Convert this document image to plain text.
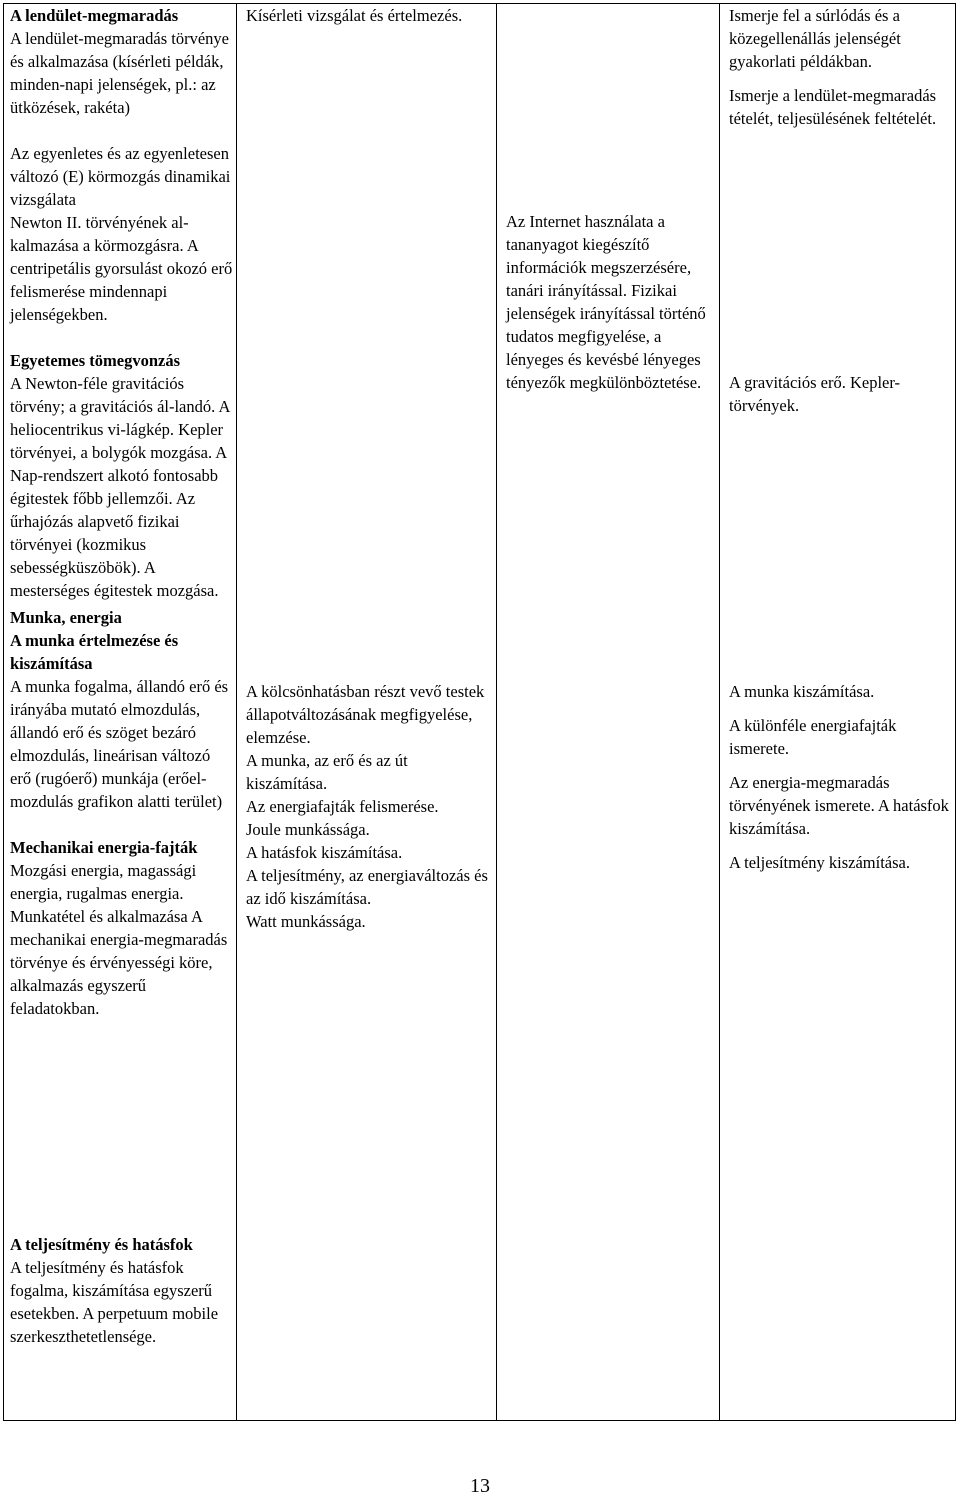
A lendület-megmaradás

A lendület-megmaradás törvénye és alkalmazása (kísérleti példák, minden-napi jelenségek, pl.: az ütközések, rakéta)

Az egyenletes és az egyenletesen változó (E) körmozgás dinamikai vizsgálata

Newton II. törvényének al-kalmazása a körmozgásra. A centripetális gyorsulást okozó erő felismerése mindennapi jelenségekben.

Egyetemes tömegvonzás

A Newton-féle gravitációs törvény; a gravitációs ál-landó. A heliocentrikus vi-lágkép. Kepler törvényei, a bolygók mozgása. A Nap-rendszert alkotó fontosabb égitestek főbb jellemzői. Az űrhajózás alapvető fizikai törvényei (kozmikus sebességküszöbök). A mesterséges égitestek mozgása.

Munka, energia

A munka értelmezése és kiszámítása

A munka fogalma, állandó erő és irányába mutató elmozdulás, állandó erő és szöget bezáró elmozdulás, lineárisan változó erő (rugóerő) munkája (erőel-mozdulás grafikon alatti terület)

Mechanikai energia-fajták

Mozgási energia, magassági energia, rugalmas energia. Munkatétel és alkalmazása A mechanikai energia-megmaradás törvénye és érvényességi köre, alkalmazás egyszerű feladatokban.

A teljesítmény és hatásfok

A teljesítmény és hatásfok fogalma, kiszámítása egyszerű esetekben. A perpetuum mobile szerkeszthetetlensége.

Kísérleti vizsgálat és értelmezés.

A kölcsönhatásban részt vevő testek állapotváltozásának megfigyelése, elemzése.

A munka, az erő és az út kiszámítása.

Az energiafajták felismerése.

Joule munkássága.

A hatásfok kiszámítása.

A teljesítmény, az energiaváltozás és az idő kiszámítása.

Watt munkássága.

Az Internet használata a tananyagot kiegészítő információk megszerzésére, tanári irányítással. Fizikai jelenségek irányítással történő tudatos megfigyelése, a lényeges és kevésbé lényeges tényezők megkülönböztetése.

Ismerje fel a súrlódás és a közegellenállás jelenségét gyakorlati példákban.

Ismerje a lendület-megmaradás tételét, teljesülésének feltételét.

A gravitációs erő. Kepler-törvények.

A munka kiszámítása.

A különféle energiafajták ismerete.

Az energia-megmaradás törvényének ismerete. A hatásfok kiszámítása.

A teljesítmény kiszámítása.

13
